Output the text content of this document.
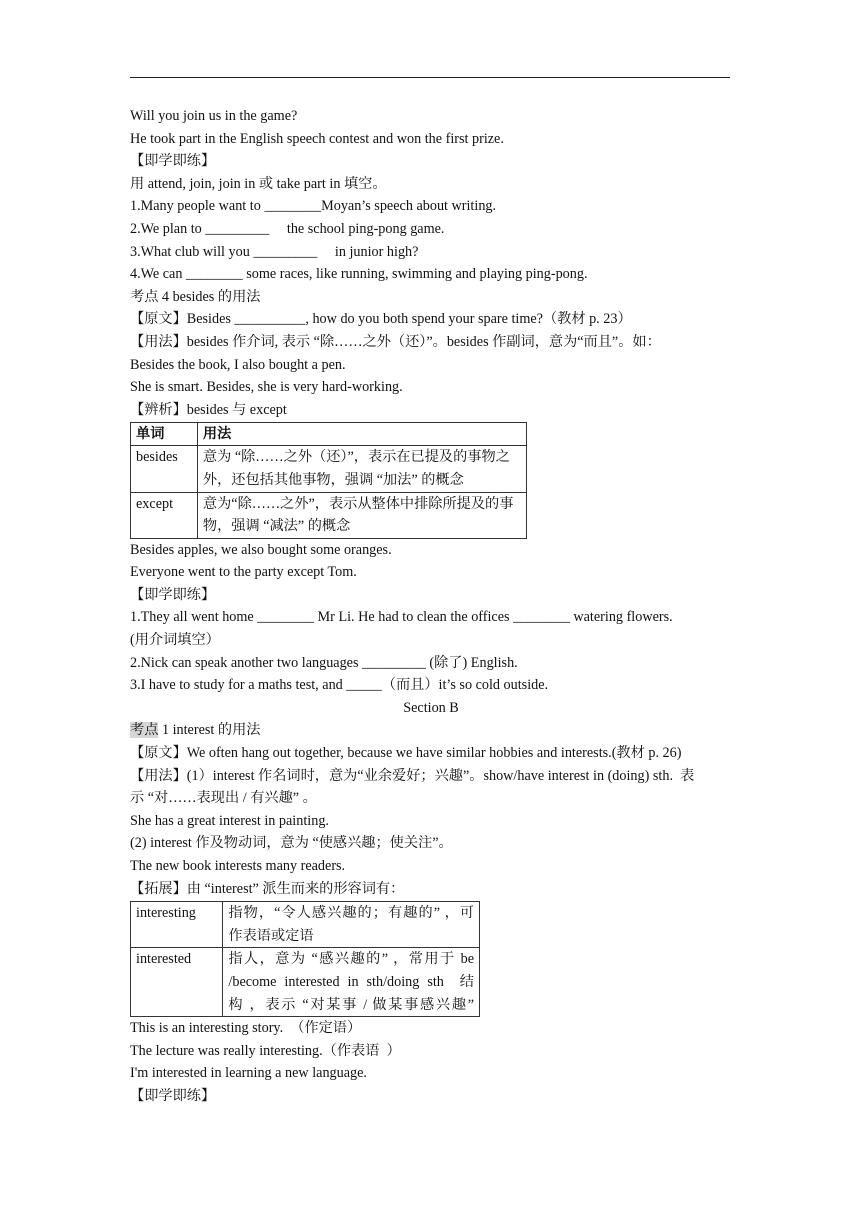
Will you join us in the game?
He took part in the English speech contest and won the first prize.
【即学即练】
用 attend, join, join in 或 take part in 填空。
1.Many people want to ________Moyan’s speech about writing.
2.We plan to _________     the school ping-pong game.
3.What club will you _________     in junior high?
4.We can ________ some races, like running, swimming and playing ping-pong.
考点 4 besides 的用法
【原文】Besides __________, how do you both spend your spare time?（教材 p. 23）
【用法】besides 作介词, 表示 “除……之外（还）”。besides 作副词，意为“而且”。如：
Besides the book, I also bought a pen.
She is smart. Besides, she is very hard-working.
【辨析】besides 与 except
单词	用法
besides	意为 “除……之外（还）”，表示在已提及的事物之外，还包括其他事物，强调 “加法” 的概念
except	意为“除……之外”，表示从整体中排除所提及的事物，强调 “减法” 的概念
Besides apples, we also bought some oranges.
Everyone went to the party except Tom.
【即学即练】
1.They all went home ________ Mr Li. He had to clean the offices ________ watering flowers.
(用介词填空）
2.Nick can speak another two languages _________ (除了) English.
3.I have to study for a maths test, and _____（而且）it’s so cold outside.
Section B
考点 1 interest 的用法
【原文】We often hang out together, because we have similar hobbies and interests.(教材 p. 26)
【用法】(1）interest 作名词时，意为“业余爱好；兴趣”。show/have interest in (doing) sth.  表
示 “对……表现出 / 有兴趣” 。
She has a great interest in painting.
(2) interest 作及物动词，意为 “使感兴趣；使关注”。
The new book interests many readers.
【拓展】由 “interest” 派生而来的形容词有：
interesting	指物，“令人感兴趣的；有趣的” ，可
作表语或定语

interested	指人，意为 “感兴趣的” ，常用于 be
/become interested in sth/doing sth  结
构 ，表示 “对某事 / 做某事感兴趣”
This is an interesting story.  （作定语）
The lecture was really interesting.（作表语  ）
I'm interested in learning a new language.
【即学即练】
